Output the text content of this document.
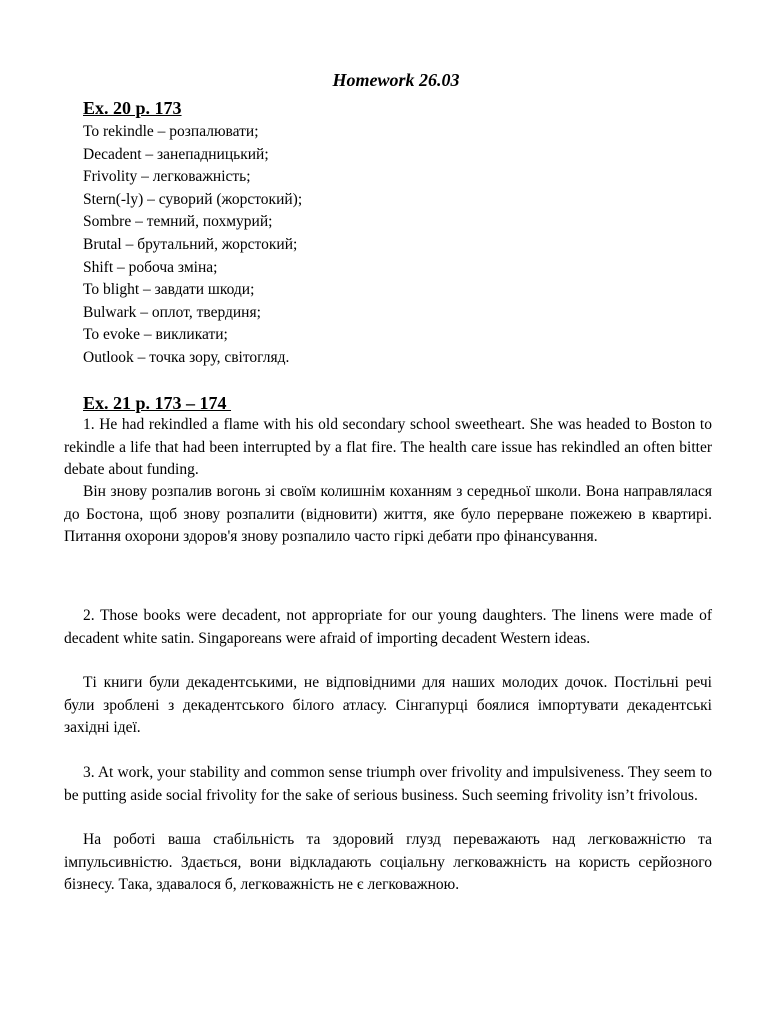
Homework 26.03
Ex. 20 p. 173
To rekindle – розпалювати;
Decadent – занепадницький;
Frivolity – легковажність;
Stern(-ly) – суворий (жорстокий);
Sombre – темний, похмурий;
Brutal – брутальний, жорстокий;
Shift – робоча зміна;
To blight – завдати шкоди;
Bulwark – оплот, твердиня;
To evoke – викликати;
Outlook – точка зору, світогляд.
Ex. 21 p. 173 – 174

1. He had rekindled a flame with his old secondary school sweetheart. She was headed to Boston to rekindle a life that had been interrupted by a flat fire. The health care issue has rekindled an often bitter debate about funding.

Він знову розпалив вогонь зі своїм колишнім коханням з середньої школи. Вона направлялася до Бостона, щоб знову розпалити (відновити) життя, яке було перерване пожежею в квартирі. Питання охорони здоров'я знову розпалило часто гіркі дебати про фінансування.

2. Those books were decadent, not appropriate for our young daughters. The linens were made of decadent white satin. Singaporeans were afraid of importing decadent Western ideas.

Ті книги були декадентськими, не відповідними для наших молодих дочок. Постільні речі були зроблені з декадентського білого атласу. Сінгапурці боялися імпортувати декадентські західні ідеї.

3. At work, your stability and common sense triumph over frivolity and impulsiveness. They seem to be putting aside social frivolity for the sake of serious business. Such seeming frivolity isn’t frivolous.

На роботі ваша стабільність та здоровий глузд переважають над легковажністю та імпульсивністю. Здається, вони відкладають соціальну легковажність на користь серйозного бізнесу. Така, здавалося б, легковажність не є легковажною.
